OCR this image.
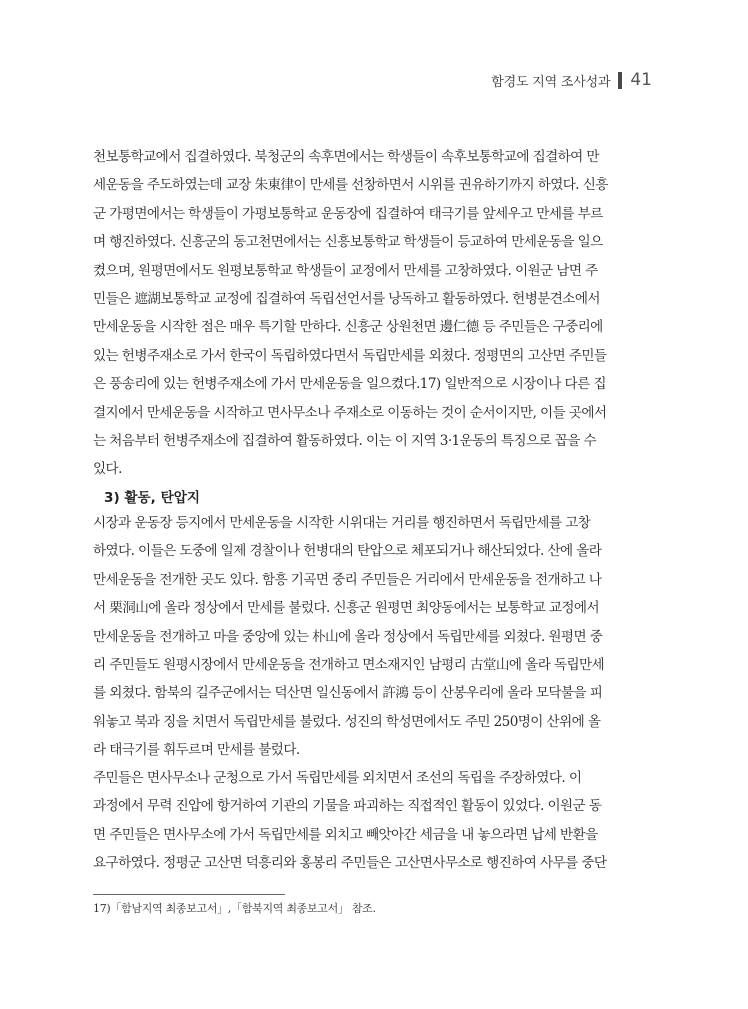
함경도 지역 조사성과 41
천보통학교에서 집결하였다. 북청군의 속후면에서는 학생들이 속후보통학교에 집결하여 만
세운동을 주도하였는데 교장 朱東律이 만세를 선창하면서 시위를 권유하기까지 하였다. 신흥
군 가평면에서는 학생들이 가평보통학교 운동장에 집결하여 태극기를 앞세우고 만세를 부르
며 행진하였다. 신흥군의 동고천면에서는 신흥보통학교 학생들이 등교하여 만세운동을 일으
켰으며, 원평면에서도 원평보통학교 학생들이 교정에서 만세를 고창하였다. 이원군 남면 주
민들은 遮湖보통학교 교정에 집결하여 독립선언서를 낭독하고 활동하였다. 헌병분견소에서
만세운동을 시작한 점은 매우 특기할 만하다. 신흥군 상원천면 邊仁德 등 주민들은 구중리에
있는 헌병주재소로 가서 한국이 독립하였다면서 독립만세를 외쳤다. 정평면의 고산면 주민들
은 풍송리에 있는 헌병주재소에 가서 만세운동을 일으켰다.17) 일반적으로 시장이나 다른 집
결지에서 만세운동을 시작하고 면사무소나 주재소로 이동하는 것이 순서이지만, 이들 곳에서
는 처음부터 헌병주재소에 집결하여 활동하였다. 이는 이 지역 3·1운동의 특징으로 꼽을 수
있다.
3) 활동, 탄압지
시장과 운동장 등지에서 만세운동을 시작한 시위대는 거리를 행진하면서 독립만세를 고창
하였다. 이들은 도중에 일제 경찰이나 헌병대의 탄압으로 체포되거나 해산되었다. 산에 올라
만세운동을 전개한 곳도 있다. 함흥 기곡면 중리 주민들은 거리에서 만세운동을 전개하고 나
서 栗洞山에 올라 정상에서 만세를 불렀다. 신흥군 원평면 최양동에서는 보통학교 교정에서
만세운동을 전개하고 마을 중앙에 있는 朴山에 올라 정상에서 독립만세를 외쳤다. 원평면 중
리 주민들도 원평시장에서 만세운동을 전개하고 면소재지인 남평리 古堂山에 올라 독립만세
를 외쳤다. 함북의 길주군에서는 덕산면 일신동에서 許鴻 등이 산봉우리에 올라 모닥불을 피
워놓고 북과 징을 치면서 독립만세를 불렀다. 성진의 학성면에서도 주민 250명이 산위에 올
라 태극기를 휘두르며 만세를 불렀다.
주민들은 면사무소나 군청으로 가서 독립만세를 외치면서 조선의 독립을 주장하였다. 이
과정에서 무력 진압에 항거하여 기관의 기물을 파괴하는 직접적인 활동이 있었다. 이원군 동
면 주민들은 면사무소에 가서 독립만세를 외치고 빼앗아간 세금을 내 놓으라면 납세 반환을
요구하였다. 정평군 고산면 덕흥리와 홍봉리 주민들은 고산면사무소로 행진하여 사무를 중단
17)「함남지역 최종보고서」,「함북지역 최종보고서」 참조.
